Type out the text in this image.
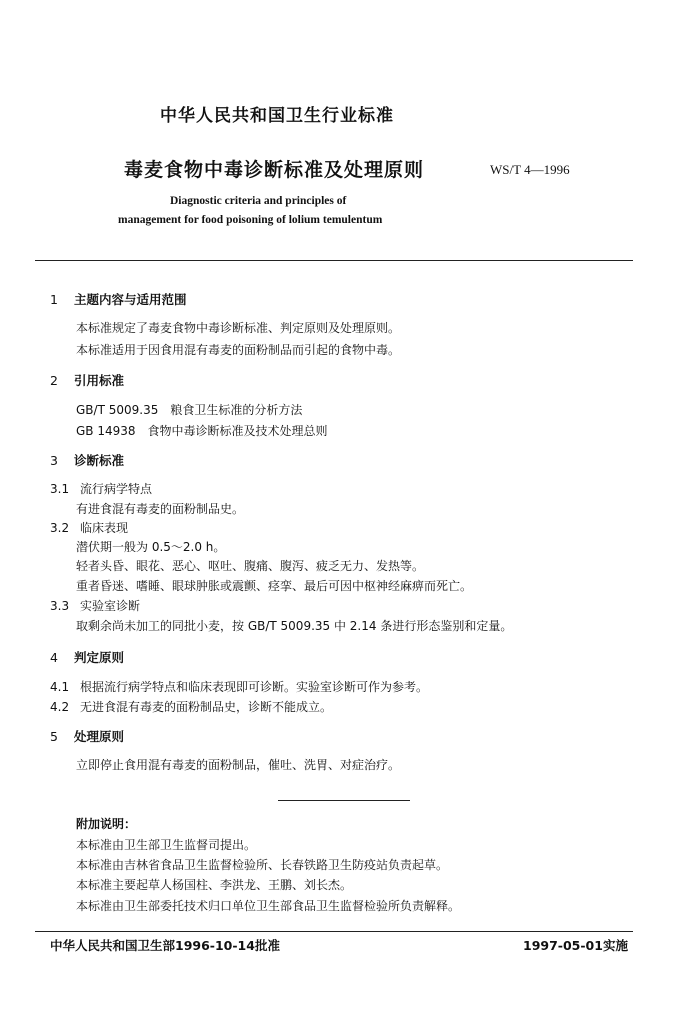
中华人民共和国卫生行业标准
毒麦食物中毒诊断标准及处理原则	WS/T 4—1996
Diagnostic criteria and principles of
management for food poisoning of lolium temulentum
1 主题内容与适用范围
本标准规定了毒麦食物中毒诊断标准、判定原则及处理原则。
本标准适用于因食用混有毒麦的面粉制品而引起的食物中毒。
2 引用标准
GB/T 5009.35　粮食卫生标准的分析方法
GB 14938　食物中毒诊断标准及技术处理总则
3 诊断标准
3.1 流行病学特点
有进食混有毒麦的面粉制品史。
3.2 临床表现
潜伏期一般为 0.5～2.0 h。
轻者头昏、眼花、恶心、呕吐、腹痛、腹泻、疲乏无力、发热等。
重者昏迷、嗜睡、眼球肿胀或震颤、痉挛、最后可因中枢神经麻痹而死亡。
3.3 实验室诊断
取剩余尚未加工的同批小麦，按 GB/T 5009.35 中 2.14 条进行形态鉴别和定量。
4 判定原则
4.1 根据流行病学特点和临床表现即可诊断。实验室诊断可作为参考。
4.2 无进食混有毒麦的面粉制品史，诊断不能成立。
5 处理原则
立即停止食用混有毒麦的面粉制品，催吐、洗胃、对症治疗。
附加说明：
本标准由卫生部卫生监督司提出。
本标准由吉林省食品卫生监督检验所、长春铁路卫生防疫站负责起草。
本标准主要起草人杨国柱、李洪龙、王鹏、刘长杰。
本标准由卫生部委托技术归口单位卫生部食品卫生监督检验所负责解释。
中华人民共和国卫生部1996-10-14批准	1997-05-01实施
